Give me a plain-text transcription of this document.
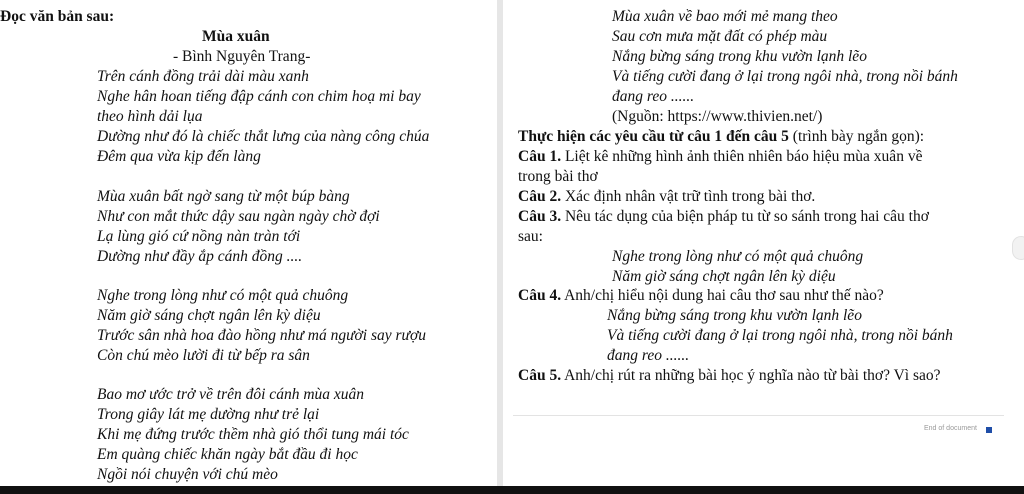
Đọc văn bản sau:
Mùa xuân
- Bình Nguyên Trang-
Trên cánh đồng trải dài màu xanh
Nghe hân hoan tiếng đập cánh con chim hoạ mi bay
theo hình dải lụa
Dường như đó là chiếc thắt lưng của nàng công chúa
Đêm qua vừa kịp đến làng
Mùa xuân bất ngờ sang từ một búp bàng
Như con mắt thức dậy sau ngàn ngày chờ đợi
Lạ lùng gió cứ nồng nàn tràn tới
Dường như đầy ắp cánh đồng ....
Nghe trong lòng như có một quả chuông
Năm giờ sáng chợt ngân lên kỳ diệu
Trước sân nhà hoa đào hồng như má người say rượu
Còn chú mèo lười đi từ bếp ra sân
Bao mơ ước trở về trên đôi cánh mùa xuân
Trong giây lát mẹ dường như trẻ lại
Khi mẹ đứng trước thềm nhà gió thổi tung mái tóc
Em quàng chiếc khăn ngày bắt đầu đi học
Ngồi nói chuyện với chú mèo
Mùa xuân về bao mới mẻ mang theo
Sau cơn mưa mặt đất có phép màu
Nắng bừng sáng trong khu vườn lạnh lẽo
Và tiếng cười đang ở lại trong ngôi nhà, trong nồi bánh
đang reo ......
(Nguồn: https://www.thivien.net/)
Thực hiện các yêu cầu từ câu 1 đến câu 5 (trình bày ngắn gọn):
Câu 1. Liệt kê những hình ảnh thiên nhiên báo hiệu mùa xuân về
trong bài thơ
Câu 2. Xác định nhân vật trữ tình trong bài thơ.
Câu 3. Nêu tác dụng của biện pháp tu từ so sánh trong hai câu thơ
sau:
Nghe trong lòng như có một quả chuông
Năm giờ sáng chợt ngân lên kỳ diệu
Câu 4. Anh/chị hiểu nội dung hai câu thơ sau như thế nào?
Nắng bừng sáng trong khu vườn lạnh lẽo
Và tiếng cười đang ở lại trong ngôi nhà, trong nồi bánh
đang reo ......
Câu 5. Anh/chị rút ra những bài học ý nghĩa nào từ bài thơ? Vì sao?
End of document
